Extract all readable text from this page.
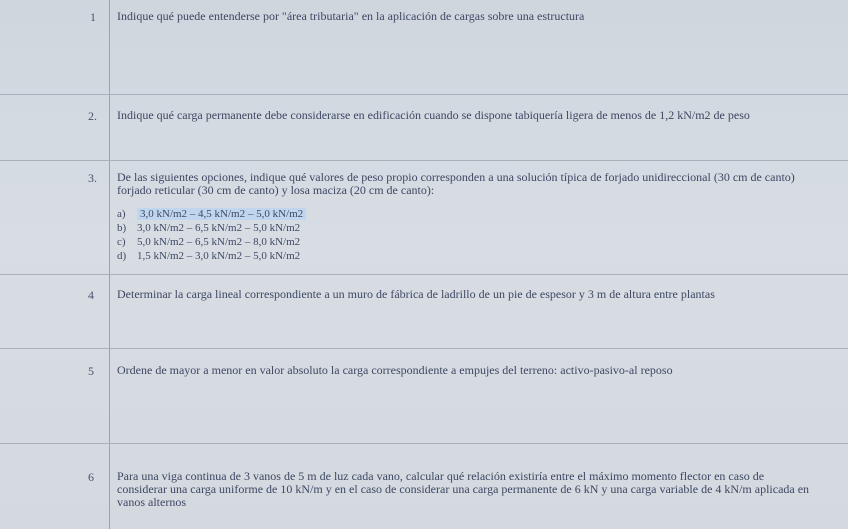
1 Indique qué puede entenderse por "área tributaria" en la aplicación de cargas sobre una estructura
2. Indique qué carga permanente debe considerarse en edificación cuando se dispone tabiquería ligera de menos de 1,2 kN/m2 de peso
3. De las siguientes opciones, indique qué valores de peso propio corresponden a una solución típica de forjado unidireccional (30 cm de canto) forjado reticular (30 cm de canto) y losa maciza (20 cm de canto):
a) 3,0 kN/m2 – 4,5 kN/m2 – 5,0 kN/m2
b) 3,0 kN/m2 – 6,5 kN/m2 – 5,0 kN/m2
c) 5,0 kN/m2 – 6,5 kN/m2 – 8,0 kN/m2
d) 1,5 kN/m2 – 3,0 kN/m2 – 5,0 kN/m2
4 Determinar la carga lineal correspondiente a un muro de fábrica de ladrillo de un pie de espesor y 3 m de altura entre plantas
5 Ordene de mayor a menor en valor absoluto la carga correspondiente a empujes del terreno: activo-pasivo-al reposo
6 Para una viga continua de 3 vanos de 5 m de luz cada vano, calcular qué relación existiría entre el máximo momento flector en caso de considerar una carga uniforme de 10 kN/m y en el caso de considerar una carga permanente de 6 kN y una carga variable de 4 kN/m aplicada en vanos alternos
